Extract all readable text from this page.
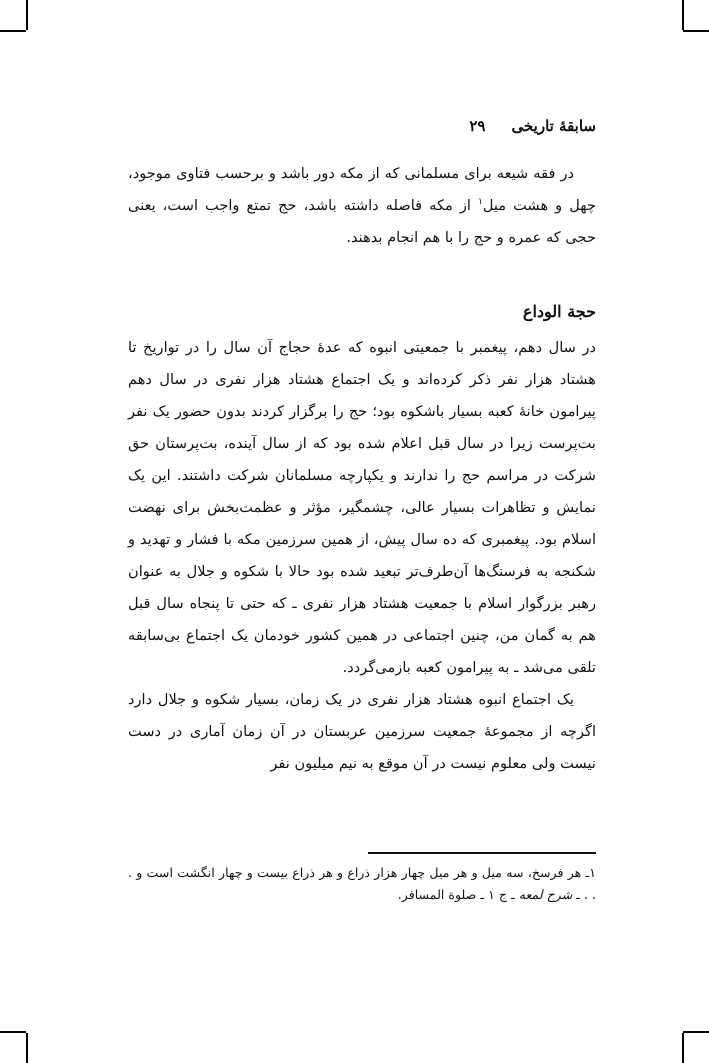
سابقۀ تاریخی
۲۹

در فقه شیعه برای مسلمانی که از مکه دور باشد و برحسب فتاوی موجود، چهل و هشت میل$^۱$ از مکه فاصله داشته باشد، حج تمتع واجب است، یعنی حجی که عمره و حج را با هم انجام بدهند.

حجة الوداع

در سال دهم، پیغمبر با جمعیتی انبوه که عدۀ حجاج آن سال را در تواریخ تا هشتاد هزار نفر ذکر کرده‌اند و یک اجتماع هشتاد هزار نفری در سال دهم پیرامون خانۀ کعبه بسیار باشکوه بود؛ حج را برگزار کردند بدون حضور یک نفر بت‌پرست زیرا در سال قبل اعلام شده بود که از سال آینده، بت‌پرستان حق شرکت در مراسم حج را ندارند و یکپارچه مسلمانان شرکت داشتند. این یک نمایش و تظاهرات بسیار عالی، چشمگیر، مؤثر و عظمت‌بخش برای نهضت اسلام بود. پیغمبری که ده سال پیش، از همین سرزمین مکه با فشار و تهدید و شکنجه به فرسنگ‌ها آن‌طرف‌تر تبعید شده بود حالا با شکوه و جلال به عنوان رهبر بزرگوار اسلام با جمعیت هشتاد هزار نفری ـ که حتی تا پنجاه سال قبل هم به گمان من، چنین اجتماعی در همین کشور خودمان یک اجتماع بی‌سابقه تلقی می‌شد ـ به پیرامون کعبه بازمی‌گردد.

یک اجتماع انبوه هشتاد هزار نفری در یک زمان، بسیار شکوه و جلال دارد اگرچه از مجموعۀ جمعیت سرزمین عربستان در آن زمان آماری در دست نیست ولی معلوم نیست در آن موقع به نیم میلیون نفر

۱ـ هر فرسخ، سه میل و هر میل چهار هزار ذراع و هر ذراع بیست و چهار انگشت است و . . . ـ شرح لمعه ـ ج ۱ ـ صلوة المسافر.
